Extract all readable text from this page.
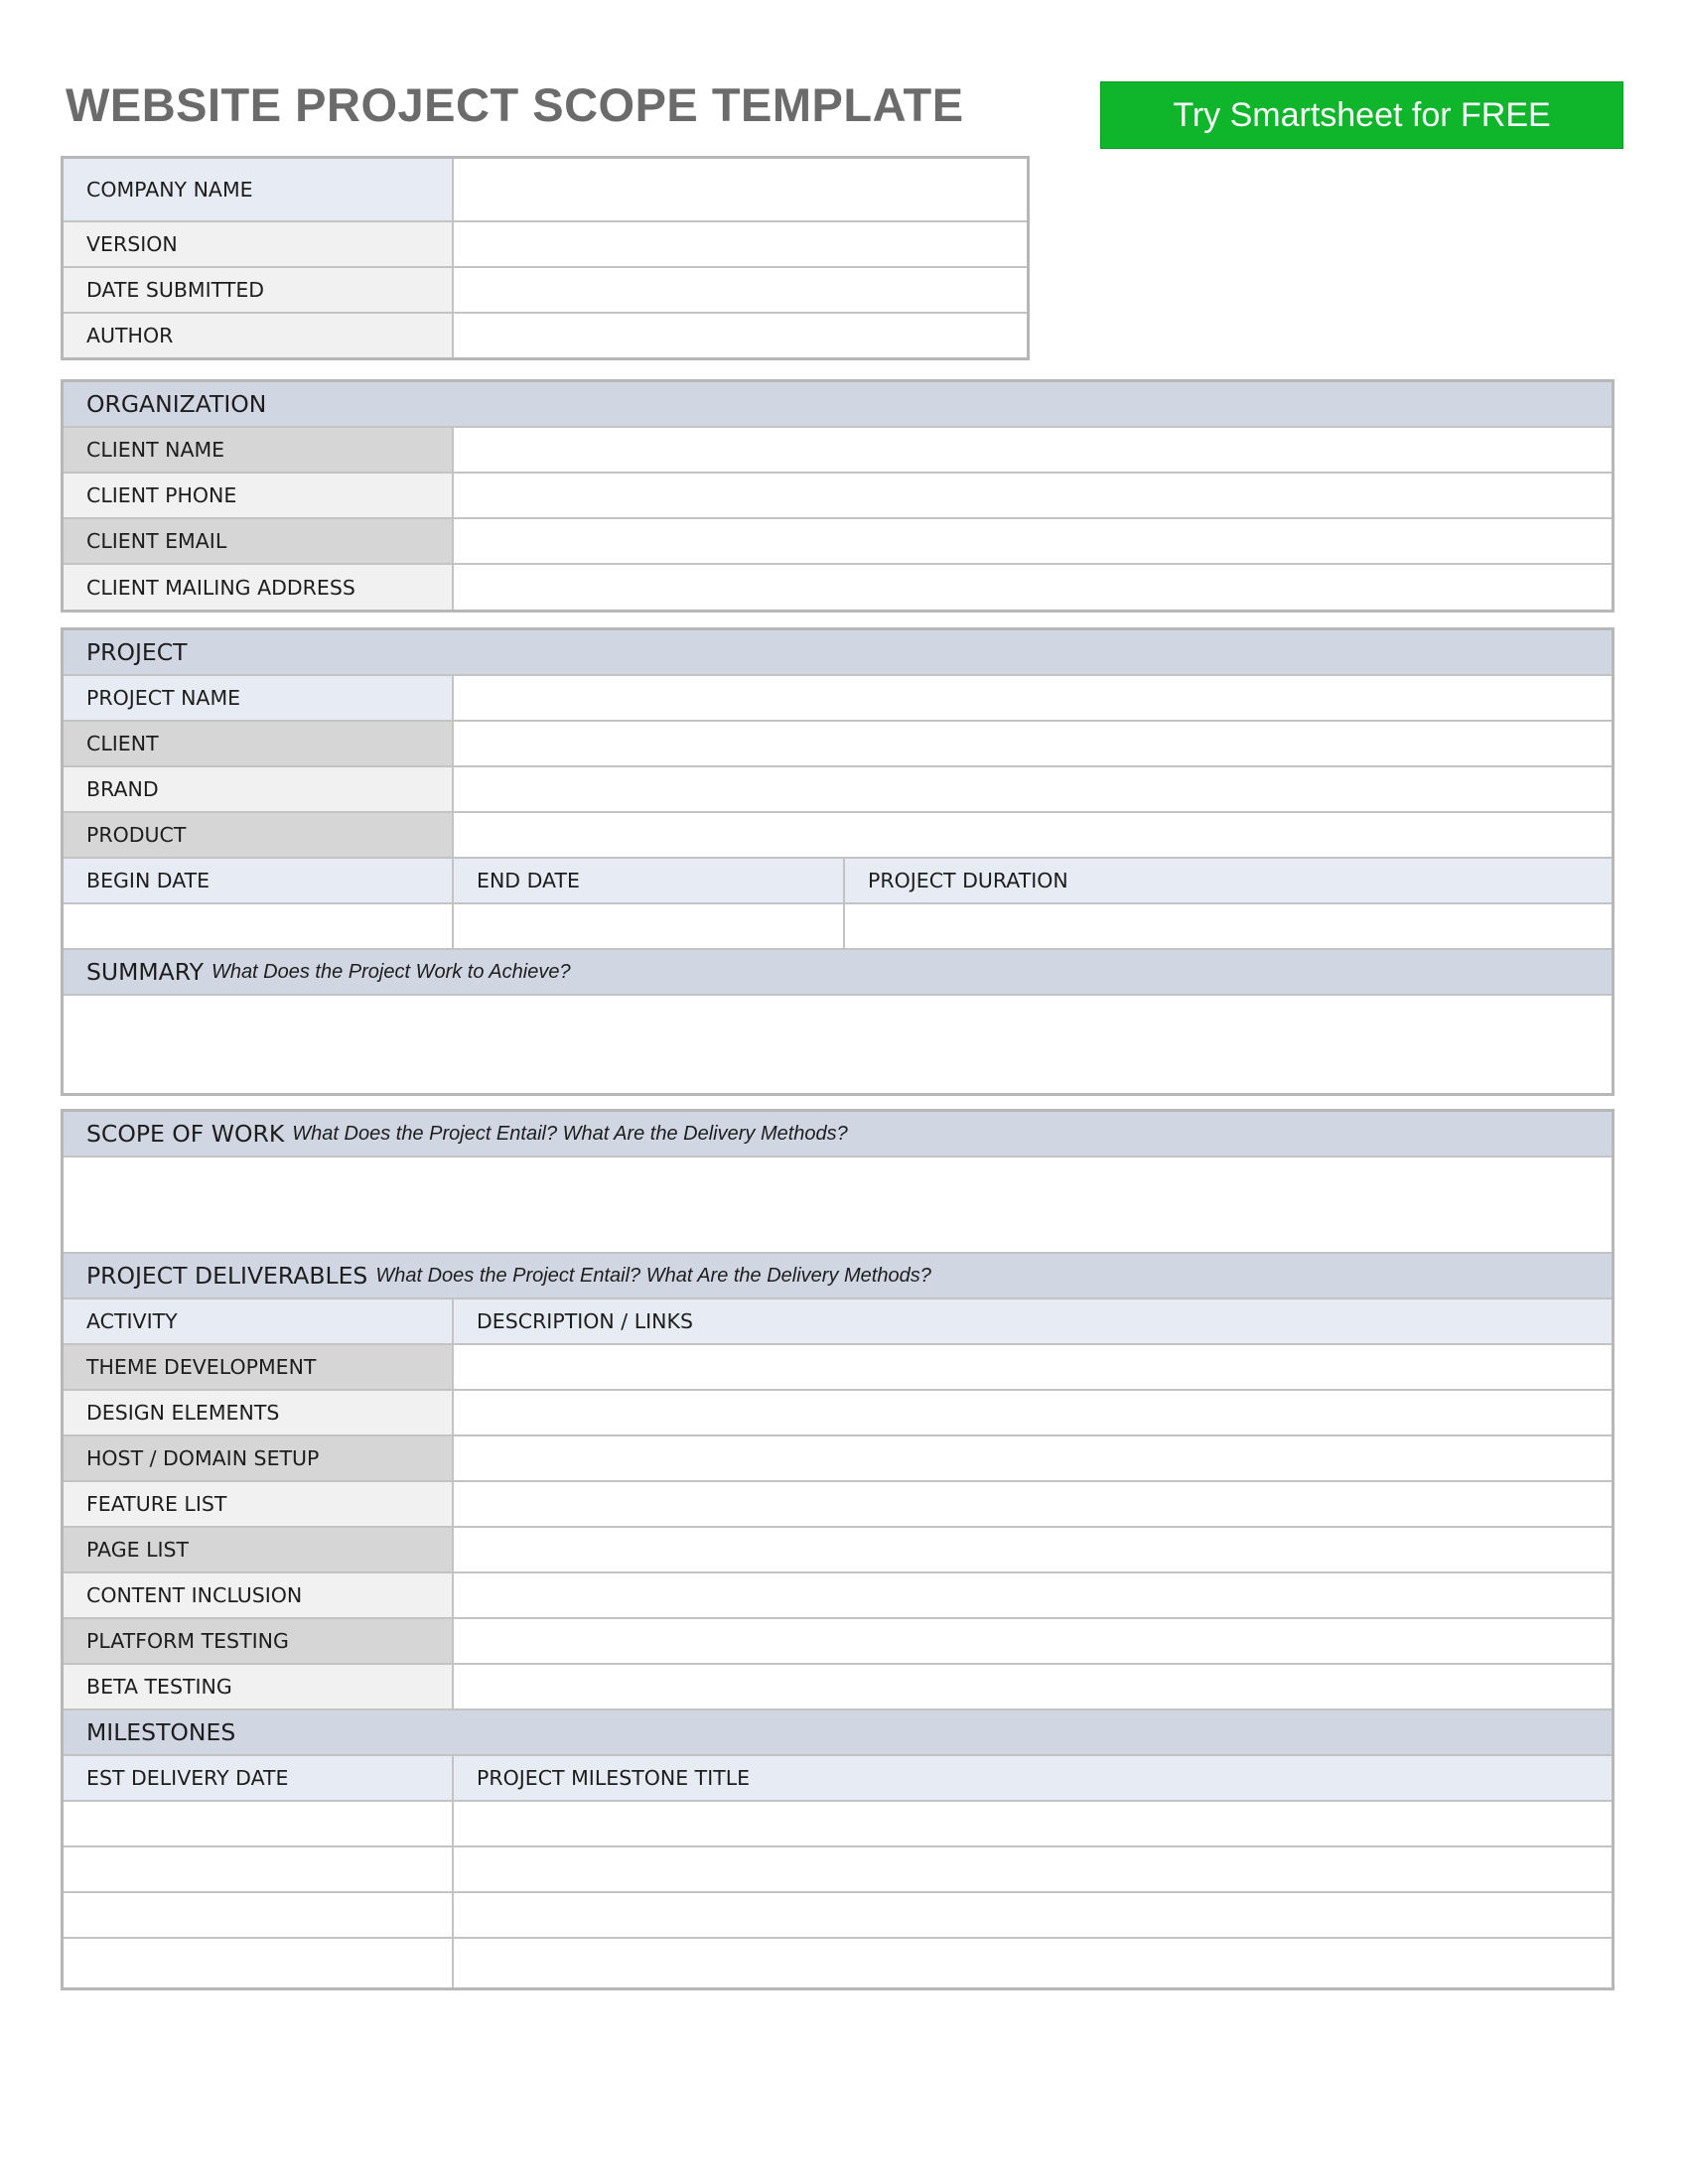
WEBSITE PROJECT SCOPE TEMPLATE	Try Smartsheet for FREE
COMPANY NAME
VERSION
DATE SUBMITTED
AUTHOR
ORGANIZATION
CLIENT NAME
CLIENT PHONE
CLIENT EMAIL
CLIENT MAILING ADDRESS
PROJECT
PROJECT NAME
CLIENT
BRAND
PRODUCT
BEGIN DATE	END DATE	PROJECT DURATION
SUMMARY What Does the Project Work to Achieve?
SCOPE OF WORK What Does the Project Entail? What Are the Delivery Methods?
PROJECT DELIVERABLES What Does the Project Entail? What Are the Delivery Methods?
ACTIVITY	DESCRIPTION / LINKS
THEME DEVELOPMENT
DESIGN ELEMENTS
HOST / DOMAIN SETUP
FEATURE LIST
PAGE LIST
CONTENT INCLUSION
PLATFORM TESTING
BETA TESTING
MILESTONES
EST DELIVERY DATE	PROJECT MILESTONE TITLE
